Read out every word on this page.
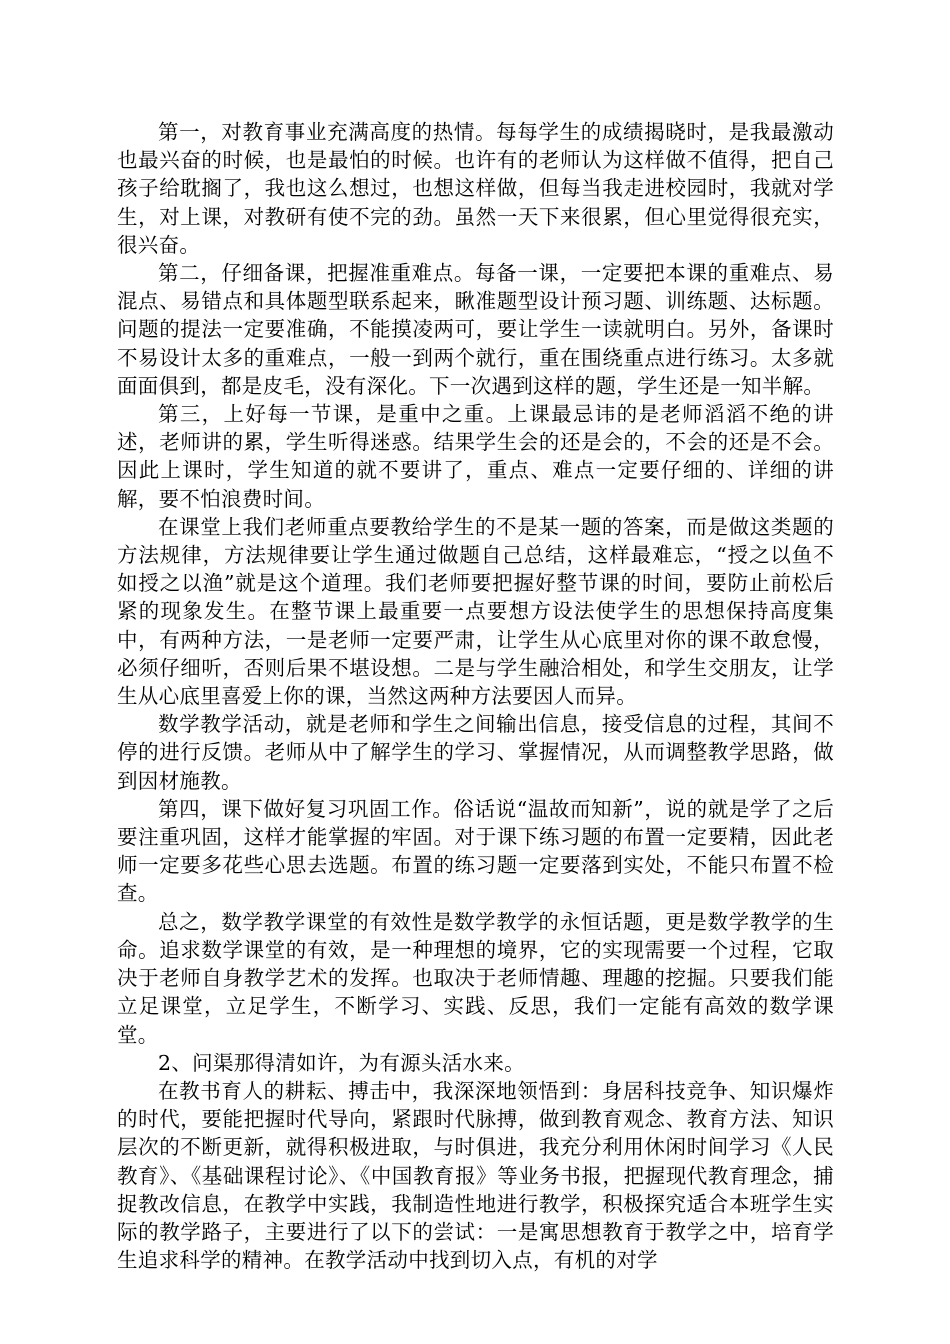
第一，对教育事业充满高度的热情。每每学生的成绩揭晓时，是我最激动也最兴奋的时候，也是最怕的时候。也许有的老师认为这样做不值得，把自己孩子给耽搁了，我也这么想过，也想这样做，但每当我走进校园时，我就对学生，对上课，对教研有使不完的劲。虽然一天下来很累，但心里觉得很充实，很兴奋。

第二，仔细备课，把握准重难点。每备一课，一定要把本课的重难点、易混点、易错点和具体题型联系起来，瞅准题型设计预习题、训练题、达标题。问题的提法一定要准确，不能摸凌两可，要让学生一读就明白。另外，备课时不易设计太多的重难点，一般一到两个就行，重在围绕重点进行练习。太多就面面俱到，都是皮毛，没有深化。下一次遇到这样的题，学生还是一知半解。

第三，上好每一节课，是重中之重。上课最忌讳的是老师滔滔不绝的讲述，老师讲的累，学生听得迷惑。结果学生会的还是会的，不会的还是不会。因此上课时，学生知道的就不要讲了，重点、难点一定要仔细的、详细的讲解，要不怕浪费时间。

在课堂上我们老师重点要教给学生的不是某一题的答案，而是做这类题的方法规律，方法规律要让学生通过做题自己总结，这样最难忘，“授之以鱼不如授之以渔”就是这个道理。我们老师要把握好整节课的时间，要防止前松后紧的现象发生。在整节课上最重要一点要想方设法使学生的思想保持高度集中，有两种方法，一是老师一定要严肃，让学生从心底里对你的课不敢怠慢，必须仔细听，否则后果不堪设想。二是与学生融洽相处，和学生交朋友，让学生从心底里喜爱上你的课，当然这两种方法要因人而异。

数学教学活动，就是老师和学生之间输出信息，接受信息的过程，其间不停的进行反馈。老师从中了解学生的学习、掌握情况，从而调整教学思路，做到因材施教。

第四，课下做好复习巩固工作。俗话说“温故而知新”，说的就是学了之后要注重巩固，这样才能掌握的牢固。对于课下练习题的布置一定要精，因此老师一定要多花些心思去选题。布置的练习题一定要落到实处，不能只布置不检查。

总之，数学教学课堂的有效性是数学教学的永恒话题，更是数学教学的生命。追求数学课堂的有效，是一种理想的境界，它的实现需要一个过程，它取决于老师自身教学艺术的发挥。也取决于老师情趣、理趣的挖掘。只要我们能立足课堂，立足学生，不断学习、实践、反思，我们一定能有高效的数学课堂。

2、问渠那得清如许，为有源头活水来。

在教书育人的耕耘、搏击中，我深深地领悟到：身居科技竞争、知识爆炸的时代，要能把握时代导向，紧跟时代脉搏，做到教育观念、教育方法、知识层次的不断更新，就得积极进取，与时俱进，我充分利用休闲时间学习《人民教育》、《基础课程讨论》、《中国教育报》等业务书报，把握现代教育理念，捕捉教改信息，在教学中实践，我制造性地进行教学，积极探究适合本班学生实际的教学路子，主要进行了以下的尝试：一是寓思想教育于教学之中，培育学生追求科学的精神。在教学活动中找到切入点，有机的对学
